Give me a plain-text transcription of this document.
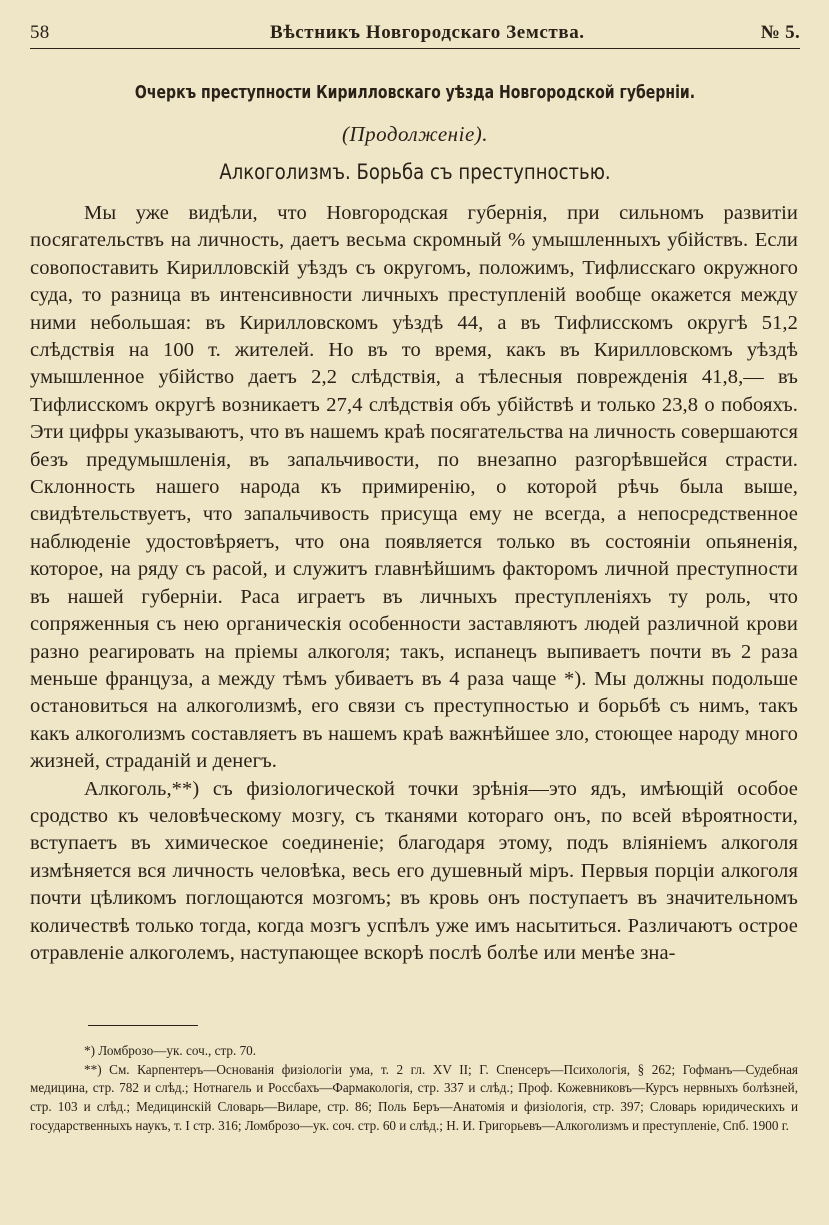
58	Вѣстникъ Новгородскаго Земства.	№ 5.
Очеркъ преступности Кирилловскаго уѣзда Новгородской губерніи.
(Продолженіе).
Алкоголизмъ. Борьба съ преступностью.

Мы уже видѣли, что Новгородская губернія, при сильномъ развитіи посягательствъ на личность, даетъ весьма скромный % умышленныхъ убійствъ. Если совопоставить Кирилловскій уѣздъ съ округомъ, положимъ, Тифлисскаго окружного суда, то разница въ интенсивности личныхъ преступленій вообще окажется между ними небольшая: въ Кирилловскомъ уѣздѣ 44, а въ Тифлисскомъ округѣ 51,2 слѣдствія на 100 т. жителей. Но въ то время, какъ въ Кирилловскомъ уѣздѣ умышленное убійство даетъ 2,2 слѣдствія, а тѣлесныя поврежденія 41,8,— въ Тифлисскомъ округѣ возникаетъ 27,4 слѣдствія объ убійствѣ и только 23,8 о побояхъ. Эти цифры указываютъ, что въ нашемъ краѣ посягательства на личность совершаются безъ предумышленія, въ запальчивости, по внезапно разгорѣвшейся страсти. Склонность нашего народа къ примиренію, о которой рѣчь была выше, свидѣтельствуетъ, что запальчивость присуща ему не всегда, а непосредственное наблюденіе удостовѣряетъ, что она появляется только въ состояніи опьяненія, которое, на ряду съ расой, и служитъ главнѣйшимъ факторомъ личной преступности въ нашей губерніи. Раса играетъ въ личныхъ преступленіяхъ ту роль, что сопряженныя съ нею органическія особенности заставляютъ людей различной крови разно реагировать на пріемы алкоголя; такъ, испанецъ выпиваетъ почти въ 2 раза меньше француза, а между тѣмъ убиваетъ въ 4 раза чаще *). Мы должны подольше остановиться на алкоголизмѣ, его связи съ преступностью и борьбѣ съ нимъ, такъ какъ алкоголизмъ составляетъ въ нашемъ краѣ важнѣйшее зло, стоющее народу много жизней, страданій и денегъ.

Алкоголь,**) съ физіологической точки зрѣнія—это ядъ, имѣющій особое сродство къ человѣческому мозгу, съ тканями котораго онъ, по всей вѣроятности, вступаетъ въ химическое соединеніе; благодаря этому, подъ вліяніемъ алкоголя измѣняется вся личность человѣка, весь его душевный міръ. Первыя порціи алкоголя почти цѣликомъ поглощаются мозгомъ; въ кровь онъ поступаетъ въ значительномъ количествѣ только тогда, когда мозгъ успѣлъ уже имъ насытиться. Различаютъ острое отравленіе алкоголемъ, наступающее вскорѣ послѣ болѣе или менѣе зна-

*) Ломброзо—ук. соч., стр. 70.

**) См. Карпентеръ—Основанія физіологіи ума, т. 2 гл. XV II; Г. Спенсеръ—Психологія, § 262; Гофманъ—Судебная медицина, стр. 782 и слѣд.; Нотнагель и Россбахъ—Фармакологія, стр. 337 и слѣд.; Проф. Кожевниковъ—Курсъ нервныхъ болѣзней, стр. 103 и слѣд.; Медицинскій Словарь—Виларе, стр. 86; Поль Беръ—Анатомія и физіологія, стр. 397; Словарь юридическихъ и государственныхъ наукъ, т. I стр. 316; Ломброзо—ук. соч. стр. 60 и слѣд.; Н. И. Григорьевъ—Алкоголизмъ и преступленіе, Спб. 1900 г.
